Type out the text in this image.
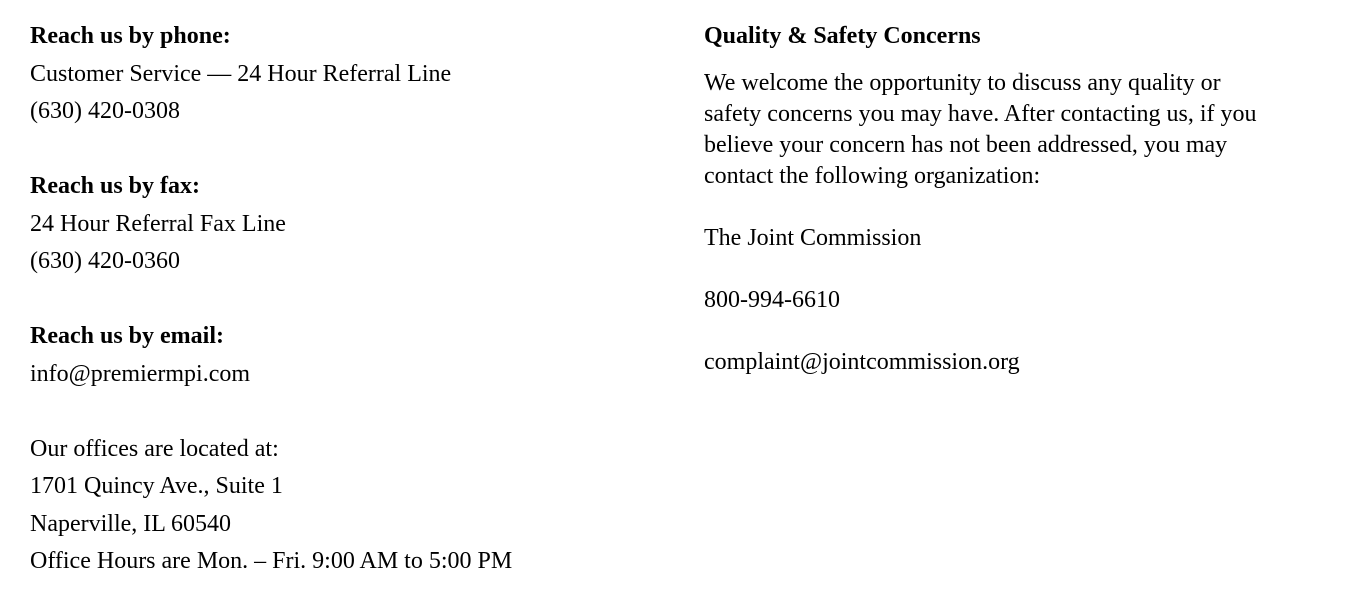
Reach us by phone:
Customer Service — 24 Hour Referral Line
(630) 420-0308
Reach us by fax:
24 Hour Referral Fax Line
(630) 420-0360
Reach us by email:
info@premiermpi.com
Our offices are located at:
1701 Quincy Ave., Suite 1
Naperville, IL 60540
Office Hours are Mon. – Fri. 9:00 AM to 5:00 PM
Quality & Safety Concerns
We welcome the opportunity to discuss any quality or
safety concerns you may have. After contacting us, if you
believe your concern has not been addressed, you may
contact the following organization:
The Joint Commission
800-994-6610
complaint@jointcommission.org
